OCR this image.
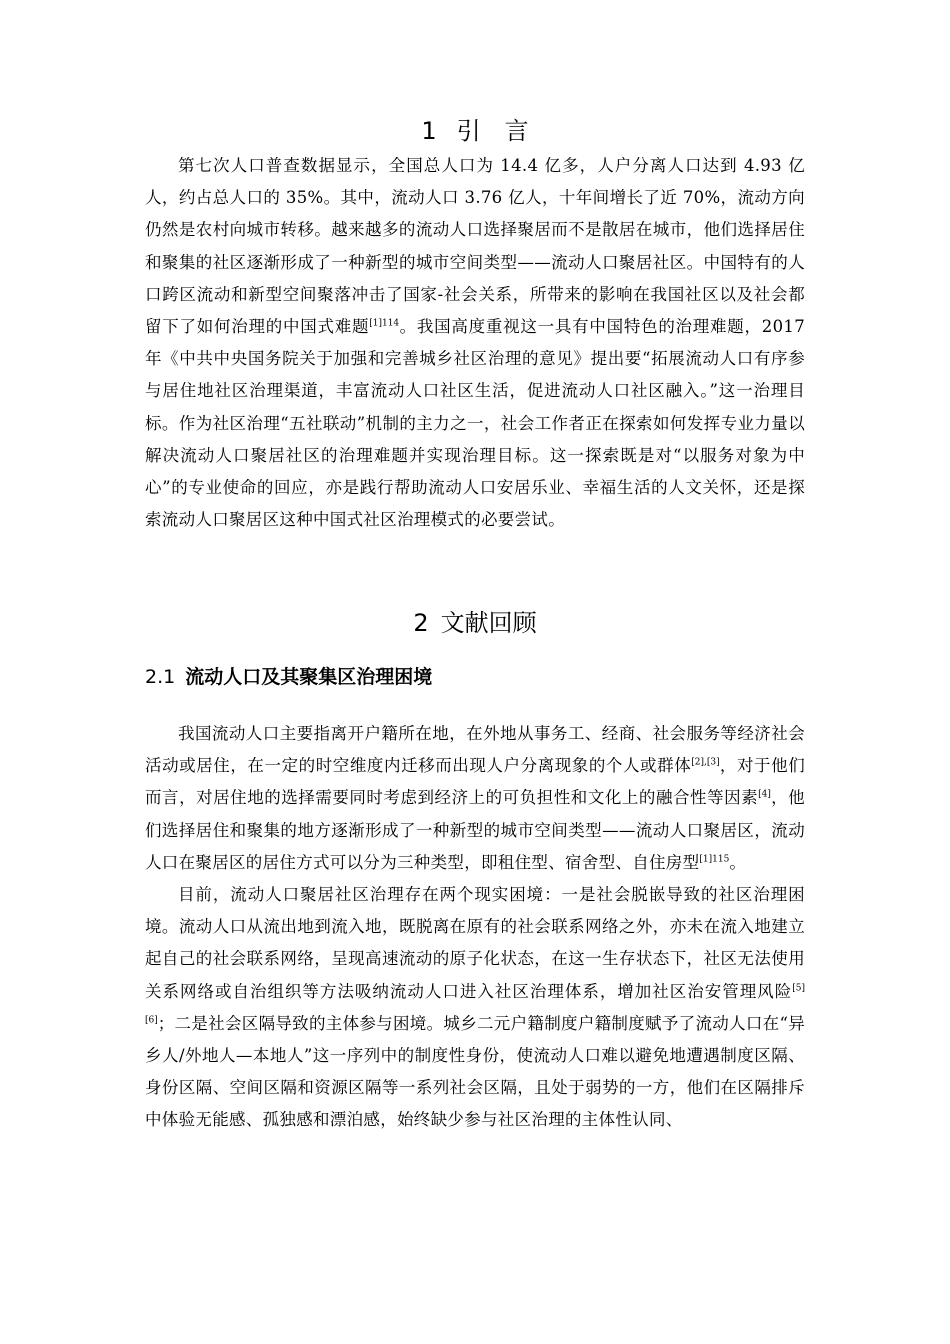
1 引　言

第七次人口普查数据显示，全国总人口为 14.4 亿多，人户分离人口达到 4.93 亿人，约占总人口的 35%。其中，流动人口 3.76 亿人，十年间增长了近 70%，流动方向仍然是农村向城市转移。越来越多的流动人口选择聚居而不是散居在城市，他们选择居住和聚集的社区逐渐形成了一种新型的城市空间类型——流动人口聚居社区。中国特有的人口跨区流动和新型空间聚落冲击了国家-社会关系，所带来的影响在我国社区以及社会都留下了如何治理的中国式难题$^{[1]114}$。我国高度重视这一具有中国特色的治理难题，2017 年《中共中央国务院关于加强和完善城乡社区治理的意见》提出要“拓展流动人口有序参与居住地社区治理渠道，丰富流动人口社区生活，促进流动人口社区融入。”这一治理目标。作为社区治理“五社联动”机制的主力之一，社会工作者正在探索如何发挥专业力量以解决流动人口聚居社区的治理难题并实现治理目标。这一探索既是对“以服务对象为中心”的专业使命的回应，亦是践行帮助流动人口安居乐业、幸福生活的人文关怀，还是探索流动人口聚居区这种中国式社区治理模式的必要尝试。

2 文献回顾
2.1 流动人口及其聚集区治理困境

我国流动人口主要指离开户籍所在地，在外地从事务工、经商、社会服务等经济社会活动或居住，在一定的时空维度内迁移而出现人户分离现象的个人或群体[2],[3]，对于他们而言，对居住地的选择需要同时考虑到经济上的可负担性和文化上的融合性等因素[4]，他们选择居住和聚集的地方逐渐形成了一种新型的城市空间类型——流动人口聚居区，流动人口在聚居区的居住方式可以分为三种类型，即租住型、宿舍型、自住房型$^{[1]115}$。

目前，流动人口聚居社区治理存在两个现实困境：一是社会脱嵌导致的社区治理困境。流动人口从流出地到流入地，既脱离在原有的社会联系网络之外，亦未在流入地建立起自己的社会联系网络，呈现高速流动的原子化状态，在这一生存状态下，社区无法使用关系网络或自治组织等方法吸纳流动人口进入社区治理体系，增加社区治安管理风险[5][6]；二是社会区隔导致的主体参与困境。城乡二元户籍制度户籍制度赋予了流动人口在“异乡人/外地人—本地人”这一序列中的制度性身份，使流动人口难以避免地遭遇制度区隔、身份区隔、空间区隔和资源区隔等一系列社会区隔，且处于弱势的一方，他们在区隔排斥中体验无能感、孤独感和漂泊感，始终缺少参与社区治理的主体性认同、
